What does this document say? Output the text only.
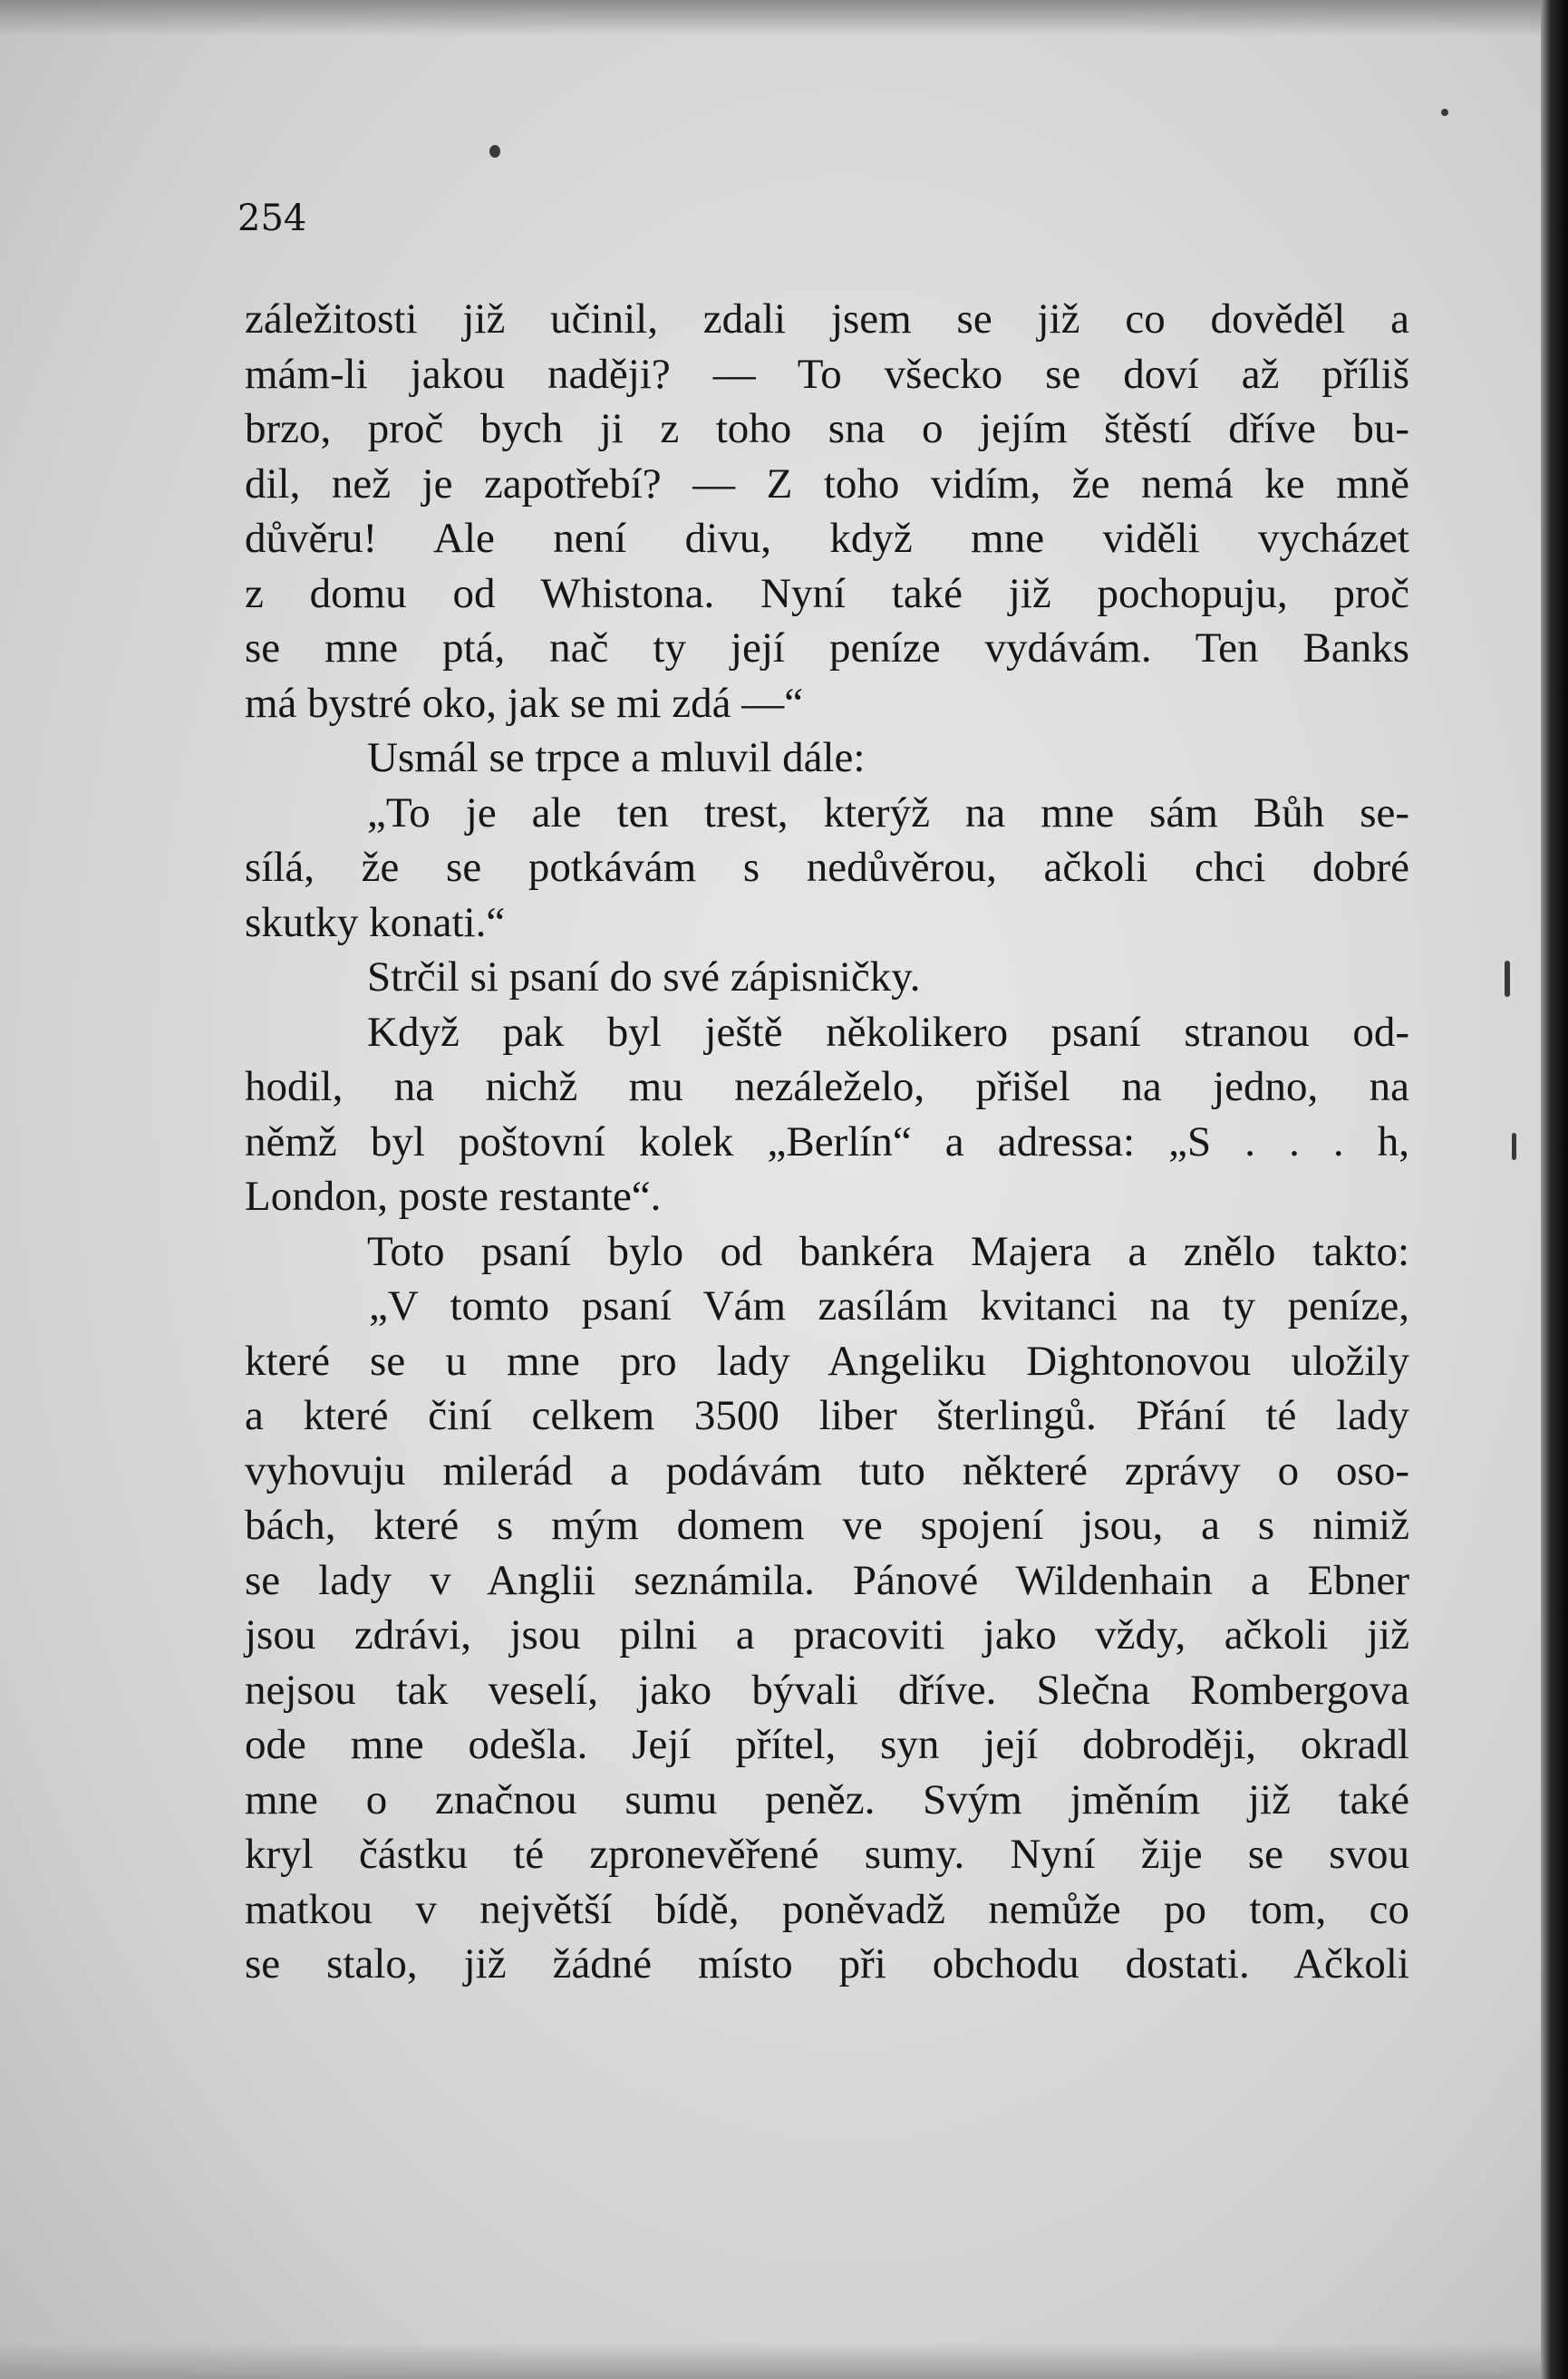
254
záležitosti již učinil, zdali jsem se již co dověděl a
mám-li jakou naději? — To všecko se doví až příliš
brzo, proč bych ji z toho sna o jejím štěstí dříve bu-
dil, než je zapotřebí? — Z toho vidím, že nemá ke mně
důvěru! Ale není divu, když mne viděli vycházet
z domu od Whistona. Nyní také již pochopuju, proč
se mne ptá, nač ty její peníze vydávám. Ten Banks
má bystré oko, jak se mi zdá —“
Usmál se trpce a mluvil dále:
„To je ale ten trest, kterýž na mne sám Bůh se-
sílá, že se potkávám s nedůvěrou, ačkoli chci dobré
skutky konati.“
Strčil si psaní do své zápisničky.
Když pak byl ještě několikero psaní stranou od-
hodil, na nichž mu nezáleželo, přišel na jedno, na
němž byl poštovní kolek „Berlín“ a adressa: „S . . . h,
London, poste restante“.
Toto psaní bylo od bankéra Majera a znělo takto:
„V tomto psaní Vám zasílám kvitanci na ty peníze,
které se u mne pro lady Angeliku Dightonovou uložily
a které činí celkem 3500 liber šterlingů. Přání té lady
vyhovuju milerád a podávám tuto některé zprávy o oso-
bách, které s mým domem ve spojení jsou, a s nimiž
se lady v Anglii seznámila. Pánové Wildenhain a Ebner
jsou zdrávi, jsou pilni a pracoviti jako vždy, ačkoli již
nejsou tak veselí, jako bývali dříve. Slečna Rombergova
ode mne odešla. Její přítel, syn její dobroději, okradl
mne o značnou sumu peněz. Svým jměním již také
kryl částku té zpronevěřené sumy. Nyní žije se svou
matkou v největší bídě, poněvadž nemůže po tom, co
se stalo, již žádné místo při obchodu dostati. Ačkoli
